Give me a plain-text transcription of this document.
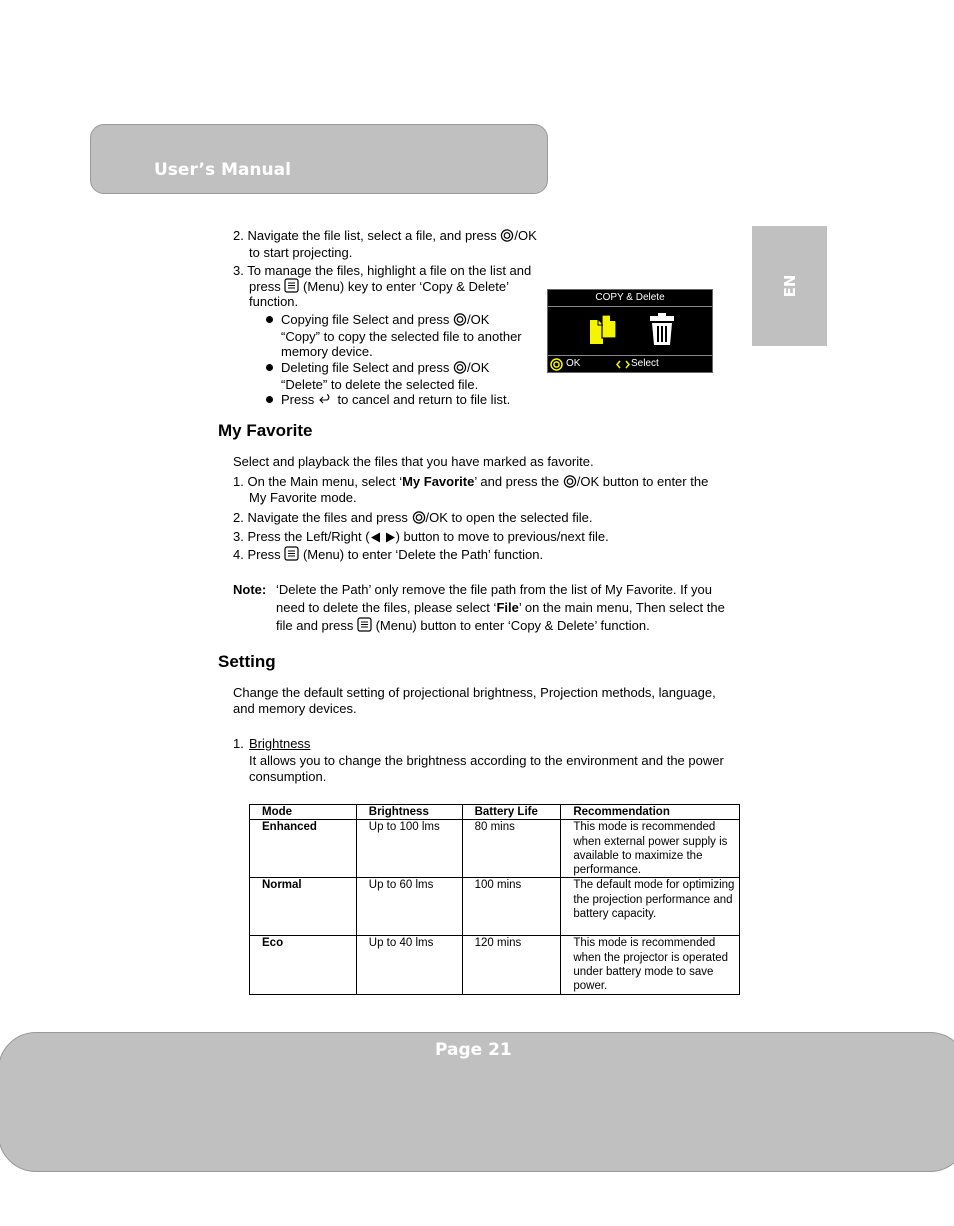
User’s Manual
EN
2. Navigate the file list, select a file, and press /OK
to start projecting.
3. To manage the files, highlight a file on the list and
press (Menu) key to enter ‘Copy & Delete’
function.
Copying file Select and press /OK
“Copy” to copy the selected file to another
memory device.
Deleting file Select and press /OK
“Delete” to delete the selected file.
Press to cancel and return to file list.
COPY & Delete
OK	Select
My Favorite
Select and playback the files that you have marked as favorite.
1. On the Main menu, select ‘My Favorite’ and press the /OK button to enter the
My Favorite mode.
2. Navigate the files and press /OK to open the selected file.
3. Press the Left/Right ( ) button to move to previous/next file.
4. Press (Menu) to enter ‘Delete the Path’ function.
Note: ‘Delete the Path’ only remove the file path from the list of My Favorite. If you
need to delete the files, please select ‘File’ on the main menu, Then select the
file and press (Menu) button to enter ‘Copy & Delete’ function.
Setting
Change the default setting of projectional brightness, Projection methods, language,
and memory devices.
1. Brightness
It allows you to change the brightness according to the environment and the power
consumption.
Mode	Brightness	Battery Life	Recommendation
Enhanced	Up to 100 lms	80 mins	This mode is recommended when external power supply is available to maximize the performance.
Normal	Up to 60 lms	100 mins	The default mode for optimizing the projection performance and battery capacity.
Eco	Up to 40 lms	120 mins	This mode is recommended when the projector is operated under battery mode to save power.
Page 21
